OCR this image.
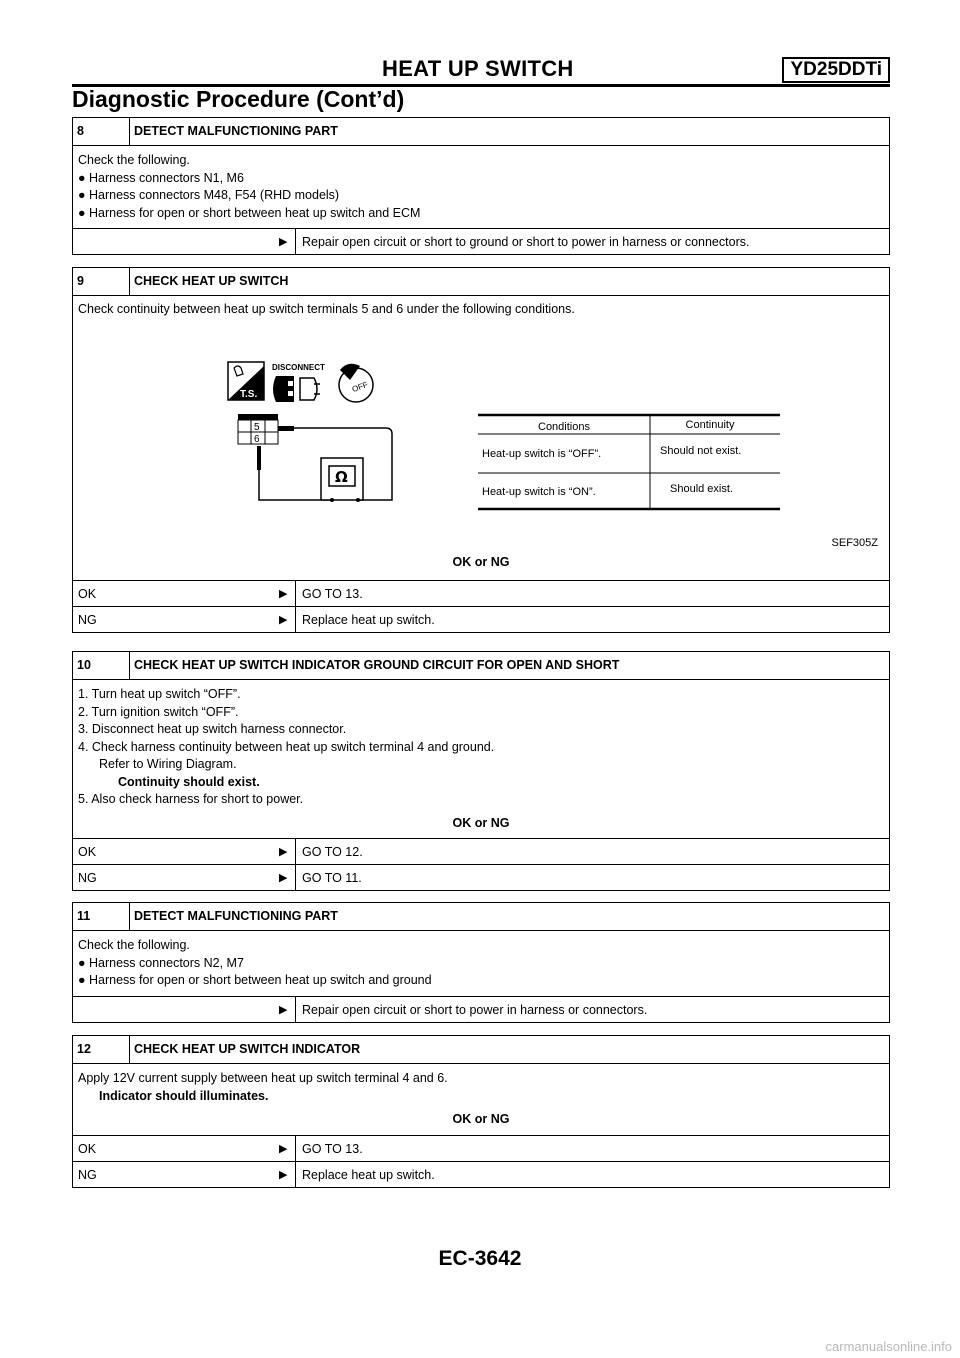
HEAT UP SWITCH	YD25DDTi
Diagnostic Procedure (Cont’d)
8	DETECT MALFUNCTIONING PART
Check the following.
● Harness connectors N1, M6
● Harness connectors M48, F54 (RHD models)
● Harness for open or short between heat up switch and ECM
▶ Repair open circuit or short to ground or short to power in harness or connectors.
9	CHECK HEAT UP SWITCH
Check continuity between heat up switch terminals 5 and 6 under the following conditions.
T.S.
DISCONNECT
OFF
5
6
Ω
Conditions	Continuity
Heat-up switch is “OFF”.	Should not exist.
Heat-up switch is “ON”.	Should exist.
SEF305Z
OK or NG
OK	▶ GO TO 13.
NG	▶ Replace heat up switch.
10	CHECK HEAT UP SWITCH INDICATOR GROUND CIRCUIT FOR OPEN AND SHORT
1. Turn heat up switch “OFF”.
2. Turn ignition switch “OFF”.
3. Disconnect heat up switch harness connector.
4. Check harness continuity between heat up switch terminal 4 and ground.
Refer to Wiring Diagram.
Continuity should exist.
5. Also check harness for short to power.
OK or NG
OK	▶ GO TO 12.
NG	▶ GO TO 11.
11	DETECT MALFUNCTIONING PART
Check the following.
● Harness connectors N2, M7
● Harness for open or short between heat up switch and ground
▶ Repair open circuit or short to power in harness or connectors.
12	CHECK HEAT UP SWITCH INDICATOR
Apply 12V current supply between heat up switch terminal 4 and 6.
Indicator should illuminates.
OK or NG
OK	▶ GO TO 13.
NG	▶ Replace heat up switch.
EC-3642
carmanualsonline.info
